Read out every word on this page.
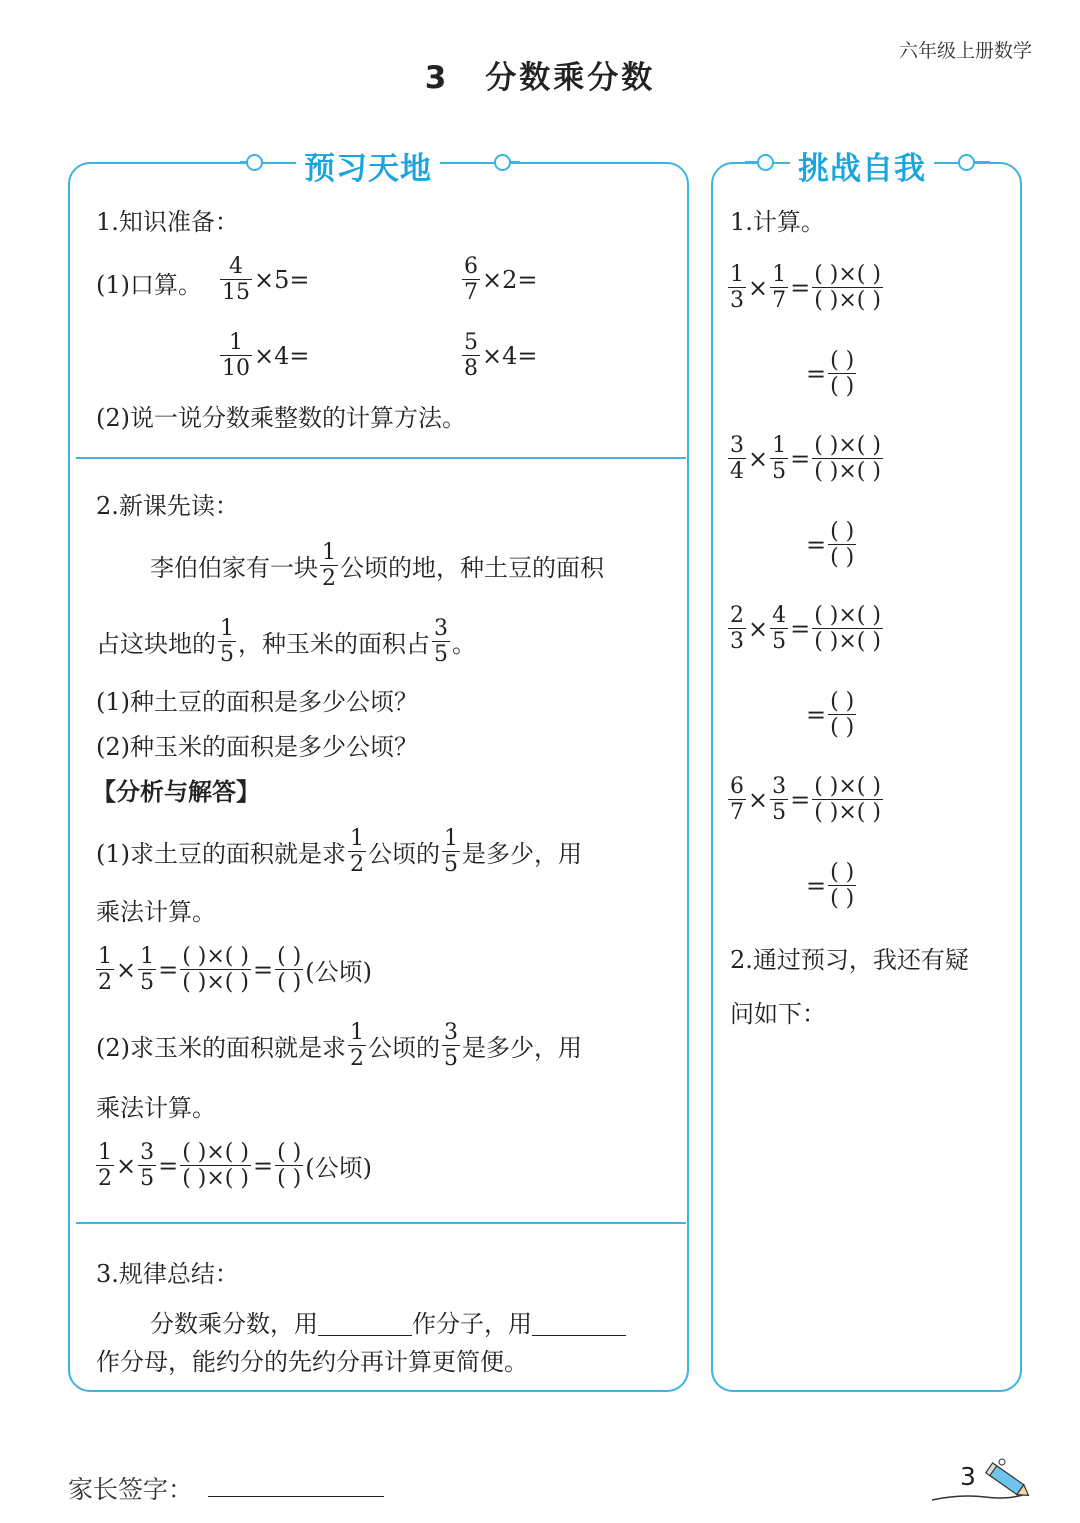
六年级上册数学
3 分数乘分数
预习天地
1.知识准备：
(1)口算。 $\frac{4}{15} \times 5=$	$\frac{6}{7} \times 2=$
$\frac{1}{10} \times 4=$	$\frac{5}{8} \times 4=$
(2)说一说分数乘整数的计算方法。
2.新课先读：
李伯伯家有一块 $\frac{1}{2}$ 公顷的地，种土豆的面积
占这块地的 $\frac{1}{5}$ ，种玉米的面积占 $\frac{3}{5}$ 。
(1)种土豆的面积是多少公顷？
(2)种玉米的面积是多少公顷？
【分析与解答】
(1)求土豆的面积就是求 $\frac{1}{2}$ 公顷的 $\frac{1}{5}$ 是多少，用
乘法计算。
$\frac{1}{2} \times \frac{1}{5} = \frac{( )\times( )}{( )\times( )} = \frac{( )}{( )}$ (公顷)
(2)求玉米的面积就是求 $\frac{1}{2}$ 公顷的 $\frac{3}{5}$ 是多少，用
乘法计算。
$\frac{1}{2} \times \frac{3}{5} = \frac{( )\times( )}{( )\times( )} = \frac{( )}{( )}$ (公顷)
3.规律总结：
分数乘分数，用	作分子，用
作分母，能约分的先约分再计算更简便。
挑战自我
1.计算。
$\frac{1}{3} \times \frac{1}{7} = \frac{( )\times( )}{( )\times( )}$
= $\frac{( )}{( )}$
$\frac{3}{4} \times \frac{1}{5} = \frac{( )\times( )}{( )\times( )}$
= $\frac{( )}{( )}$
$\frac{2}{3} \times \frac{4}{5} = \frac{( )\times( )}{( )\times( )}$
= $\frac{( )}{( )}$
$\frac{6}{7} \times \frac{3}{5} = \frac{( )\times( )}{( )\times( )}$
= $\frac{( )}{( )}$
2.通过预习，我还有疑
问如下：
家长签字：	3
